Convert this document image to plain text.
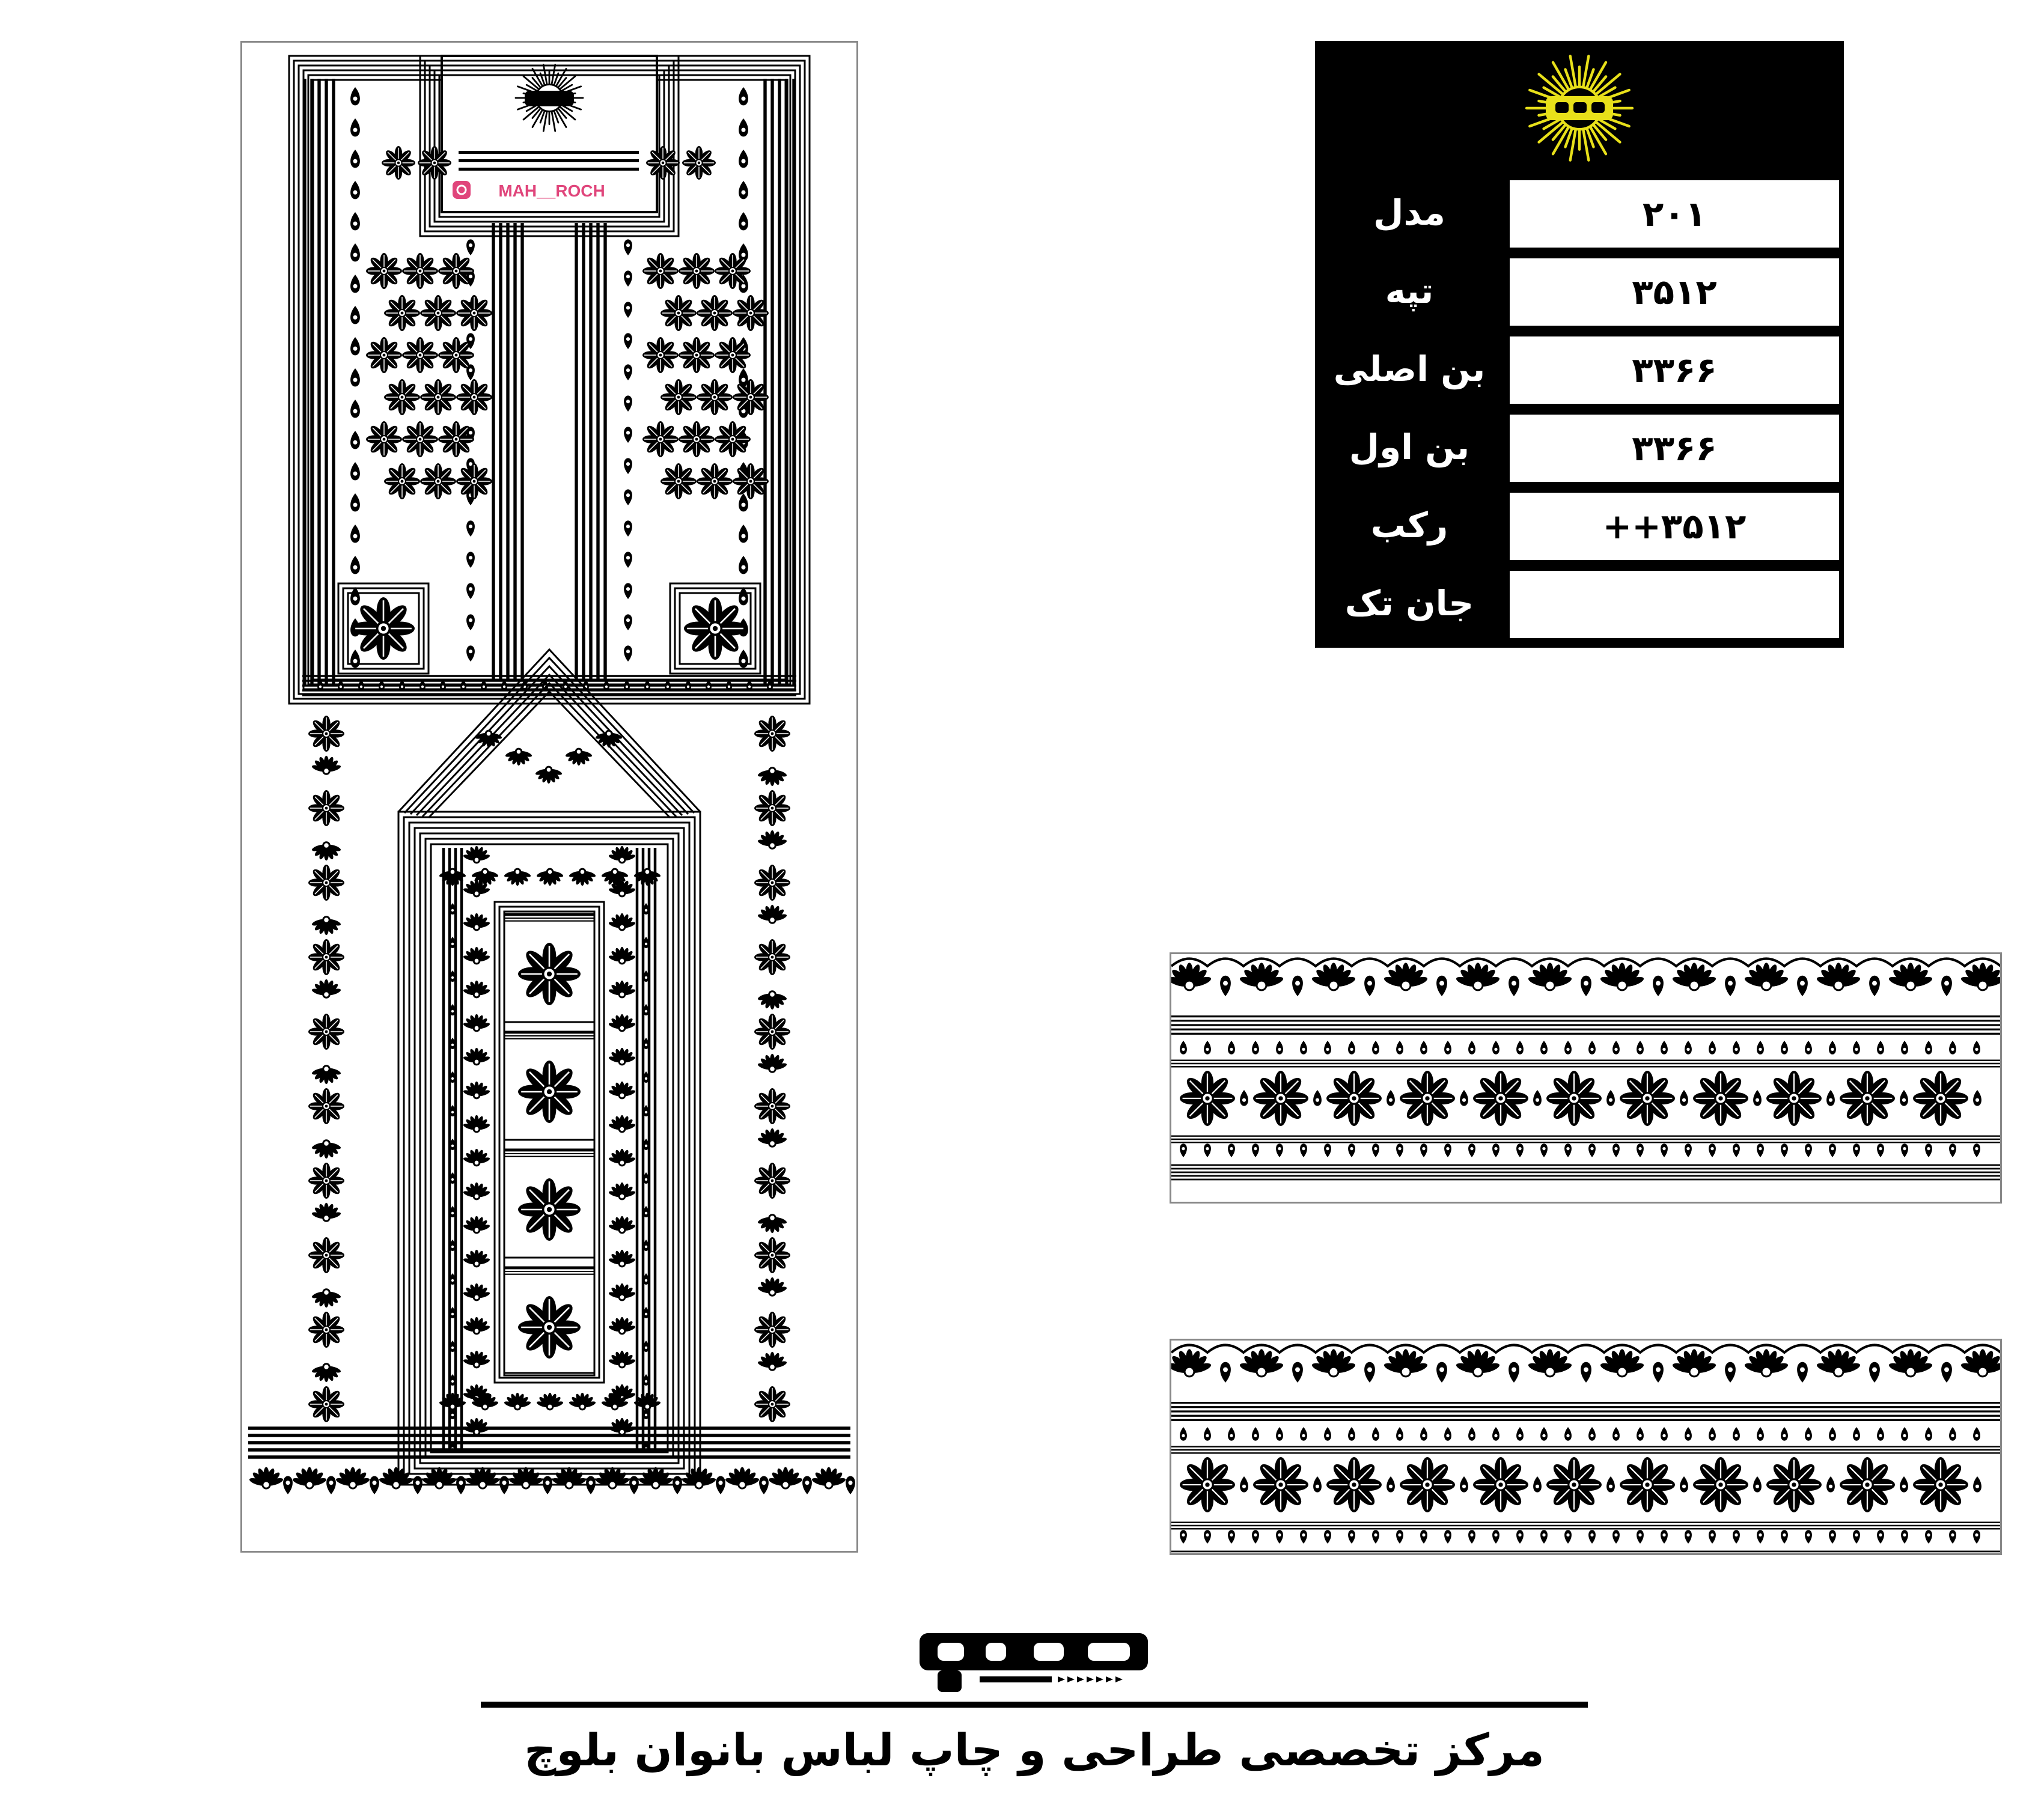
MAH__ROCH
مدل	۲۰۱
تپه	۳۵۱۲
بن اصلی	۳۳۶۶
بن اول	۳۳۶۶
رکب	++۳۵۱۲
جان تک
مرکز تخصصی طراحی و چاپ لباس بانوان بلوچ
